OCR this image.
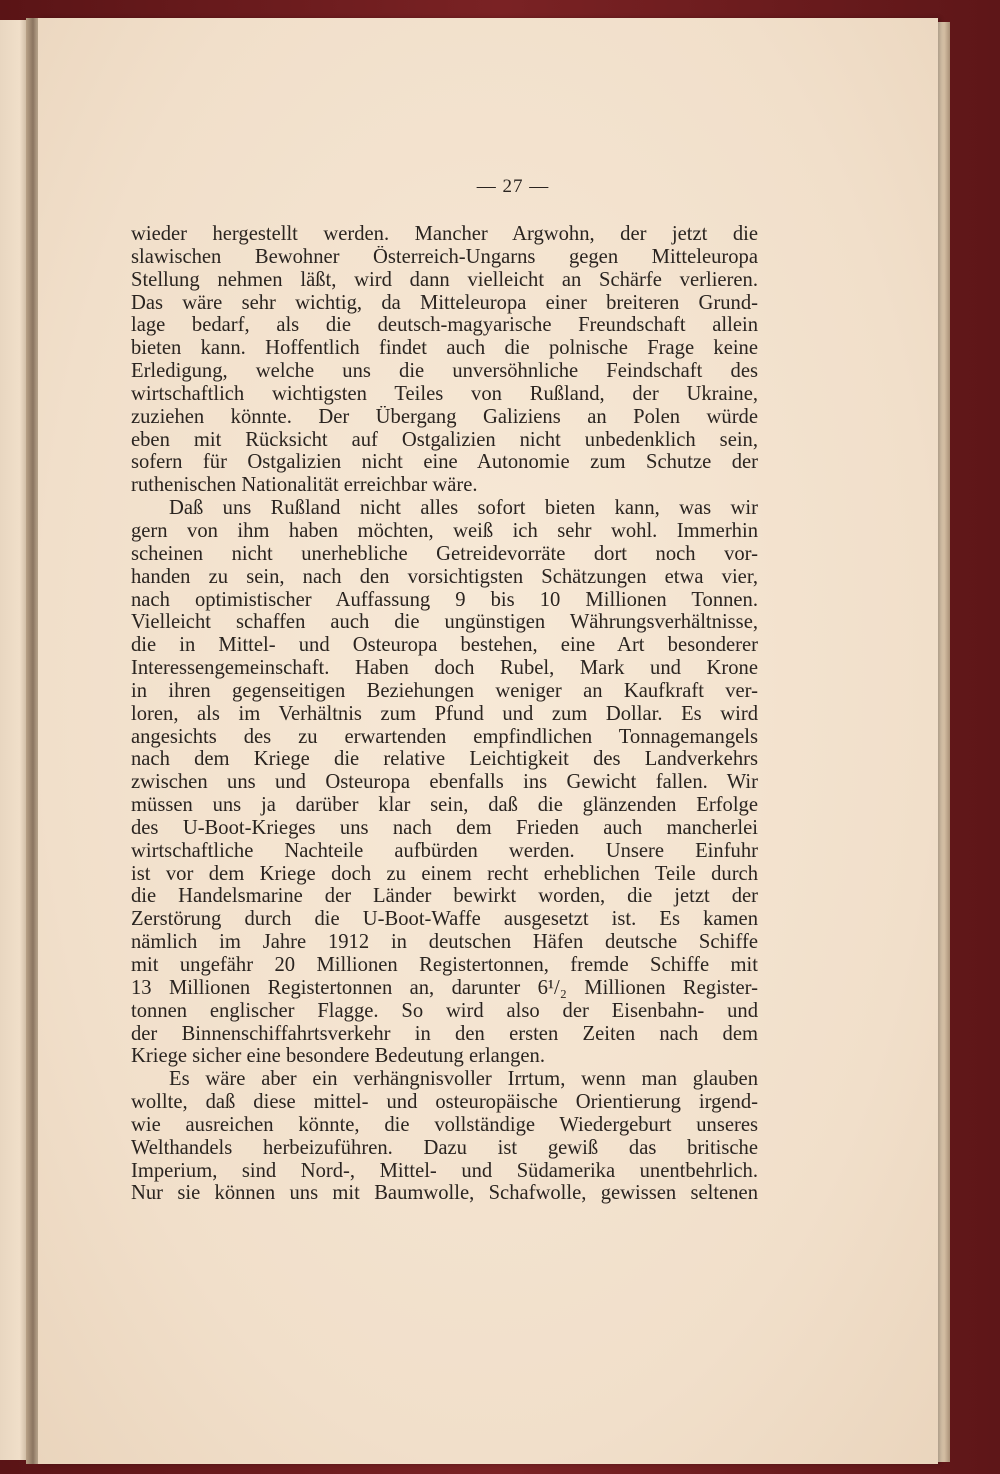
— 27 —
wieder hergestellt werden. Mancher Argwohn, der jetzt die
slawischen Bewohner Österreich-Ungarns gegen Mitteleuropa
Stellung nehmen läßt, wird dann vielleicht an Schärfe verlieren.
Das wäre sehr wichtig, da Mitteleuropa einer breiteren Grund-
lage bedarf, als die deutsch-magyarische Freundschaft allein
bieten kann. Hoffentlich findet auch die polnische Frage keine
Erledigung, welche uns die unversöhnliche Feindschaft des
wirtschaftlich wichtigsten Teiles von Rußland, der Ukraine,
zuziehen könnte. Der Übergang Galiziens an Polen würde
eben mit Rücksicht auf Ostgalizien nicht unbedenklich sein,
sofern für Ostgalizien nicht eine Autonomie zum Schutze der
ruthenischen Nationalität erreichbar wäre.
Daß uns Rußland nicht alles sofort bieten kann, was wir
gern von ihm haben möchten, weiß ich sehr wohl. Immerhin
scheinen nicht unerhebliche Getreidevorräte dort noch vor-
handen zu sein, nach den vorsichtigsten Schätzungen etwa vier,
nach optimistischer Auffassung 9 bis 10 Millionen Tonnen.
Vielleicht schaffen auch die ungünstigen Währungsverhältnisse,
die in Mittel- und Osteuropa bestehen, eine Art besonderer
Interessengemeinschaft. Haben doch Rubel, Mark und Krone
in ihren gegenseitigen Beziehungen weniger an Kaufkraft ver-
loren, als im Verhältnis zum Pfund und zum Dollar. Es wird
angesichts des zu erwartenden empfindlichen Tonnagemangels
nach dem Kriege die relative Leichtigkeit des Landverkehrs
zwischen uns und Osteuropa ebenfalls ins Gewicht fallen. Wir
müssen uns ja darüber klar sein, daß die glänzenden Erfolge
des U-Boot-Krieges uns nach dem Frieden auch mancherlei
wirtschaftliche Nachteile aufbürden werden. Unsere Einfuhr
ist vor dem Kriege doch zu einem recht erheblichen Teile durch
die Handelsmarine der Länder bewirkt worden, die jetzt der
Zerstörung durch die U-Boot-Waffe ausgesetzt ist. Es kamen
nämlich im Jahre 1912 in deutschen Häfen deutsche Schiffe
mit ungefähr 20 Millionen Registertonnen, fremde Schiffe mit
13 Millionen Registertonnen an, darunter 6¹/₂ Millionen Register-
tonnen englischer Flagge. So wird also der Eisenbahn- und
der Binnenschiffahrtsverkehr in den ersten Zeiten nach dem
Kriege sicher eine besondere Bedeutung erlangen.
Es wäre aber ein verhängnisvoller Irrtum, wenn man glauben
wollte, daß diese mittel- und osteuropäische Orientierung irgend-
wie ausreichen könnte, die vollständige Wiedergeburt unseres
Welthandels herbeizuführen. Dazu ist gewiß das britische
Imperium, sind Nord-, Mittel- und Südamerika unentbehrlich.
Nur sie können uns mit Baumwolle, Schafwolle, gewissen seltenen
